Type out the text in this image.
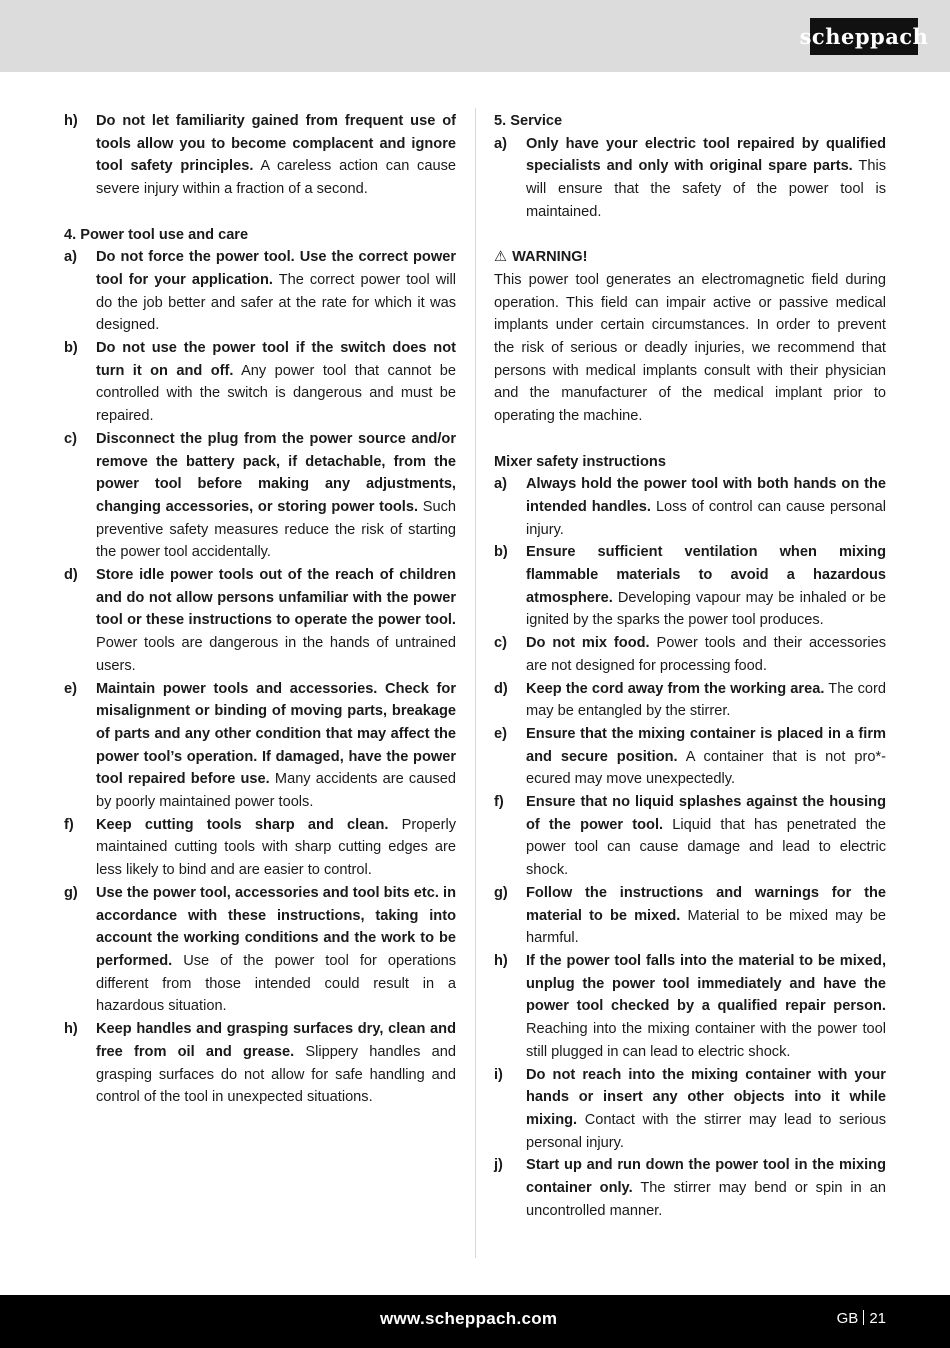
scheppach
h)	Do not let familiarity gained from frequent use of tools allow you to become complacent and ignore tool safety principles. A careless action can cause severe injury within a fraction of a second.
4. Power tool use and care
a)	Do not force the power tool. Use the correct power tool for your application. The correct power tool will do the job better and safer at the rate for which it was designed.
b)	Do not use the power tool if the switch does not turn it on and off. Any power tool that cannot be controlled with the switch is dangerous and must be repaired.
c)	Disconnect the plug from the power source and/or remove the battery pack, if detachable, from the power tool before making any adjustments, changing accessories, or storing power tools. Such preventive safety measures reduce the risk of starting the power tool accidentally.
d)	Store idle power tools out of the reach of children and do not allow persons unfamiliar with the power tool or these instructions to operate the power tool. Power tools are dangerous in the hands of untrained users.
e)	Maintain power tools and accessories. Check for misalignment or binding of moving parts, breakage of parts and any other condition that may affect the power tool’s operation. If damaged, have the power tool repaired before use. Many accidents are caused by poorly maintained power tools.
f)	Keep cutting tools sharp and clean. Properly maintained cutting tools with sharp cutting edges are less likely to bind and are easier to control.
g)	Use the power tool, accessories and tool bits etc. in accordance with these instructions, taking into account the working conditions and the work to be performed. Use of the power tool for operations different from those intended could result in a hazardous situation.
h)	Keep handles and grasping surfaces dry, clean and free from oil and grease. Slippery handles and grasping surfaces do not allow for safe handling and control of the tool in unexpected situations.
5. Service
a)	Only have your electric tool repaired by qualified specialists and only with original spare parts. This will ensure that the safety of the power tool is maintained.
⚠ WARNING!
This power tool generates an electromagnetic field during operation. This field can impair active or passive medical implants under certain circumstances. In order to prevent the risk of serious or deadly injuries, we recommend that persons with medical implants consult with their physician and the manufacturer of the medical implant prior to operating the machine.
Mixer safety instructions
a)	Always hold the power tool with both hands on the intended handles. Loss of control can cause personal injury.
b)	Ensure sufficient ventilation when mixing flammable materials to avoid a hazardous atmosphere. Developing vapour may be inhaled or be ignited by the sparks the power tool produces.
c)	Do not mix food. Power tools and their accessories are not designed for processing food.
d)	Keep the cord away from the working area. The cord may be entangled by the stirrer.
e)	Ensure that the mixing container is placed in a firm and secure position. A container that is not pro*-ecured may move unexpectedly.
f)	Ensure that no liquid splashes against the housing of the power tool. Liquid that has penetrated the power tool can cause damage and lead to electric shock.
g)	Follow the instructions and warnings for the material to be mixed. Material to be mixed may be harmful.
h)	If the power tool falls into the material to be mixed, unplug the power tool immediately and have the power tool checked by a qualified repair person. Reaching into the mixing container with the power tool still plugged in can lead to electric shock.
i)	Do not reach into the mixing container with your hands or insert any other objects into it while mixing. Contact with the stirrer may lead to serious personal injury.
j)	Start up and run down the power tool in the mixing container only. The stirrer may bend or spin in an uncontrolled manner.
www.scheppach.com	GB 21
